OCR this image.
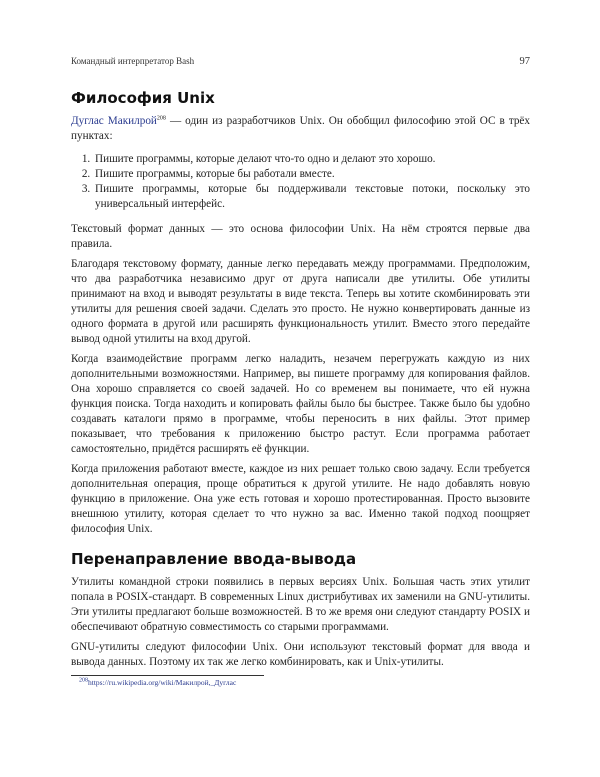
Командный интерпретатор Bash	97
Философия Unix

Дуглас Макилрой$^{208}$ — один из разработчиков Unix. Он обобщил философию этой ОС в трёх пунктах:

1. Пишите программы, которые делают что-то одно и делают это хорошо.
2. Пишите программы, которые бы работали вместе.
3. Пишите программы, которые бы поддерживали текстовые потоки, поскольку это универсальный интерфейс.

Текстовый формат данных — это основа философии Unix. На нём строятся первые два правила.

Благодаря текстовому формату, данные легко передавать между программами. Предположим, что два разработчика независимо друг от друга написали две утилиты. Обе утилиты принимают на вход и выводят результаты в виде текста. Теперь вы хотите скомбинировать эти утилиты для решения своей задачи. Сделать это просто. Не нужно конвертировать данные из одного формата в другой или расширять функциональность утилит. Вместо этого передайте вывод одной утилиты на вход другой.

Когда взаимодействие программ легко наладить, незачем перегружать каждую из них дополнительными возможностями. Например, вы пишете программу для копирования файлов. Она хорошо справляется со своей задачей. Но со временем вы понимаете, что ей нужна функция поиска. Тогда находить и копировать файлы было бы быстрее. Также было бы удобно создавать каталоги прямо в программе, чтобы переносить в них файлы. Этот пример показывает, что требования к приложению быстро растут. Если программа работает самостоятельно, придётся расширять её функции.

Когда приложения работают вместе, каждое из них решает только свою задачу. Если требуется дополнительная операция, проще обратиться к другой утилите. Не надо добавлять новую функцию в приложение. Она уже есть готовая и хорошо протестированная. Просто вызовите внешнюю утилиту, которая сделает то что нужно за вас. Именно такой подход поощряет философия Unix.

Перенаправление ввода-вывода

Утилиты командной строки появились в первых версиях Unix. Большая часть этих утилит попала в POSIX-стандарт. В современных Linux дистрибутивах их заменили на GNU-утилиты. Эти утилиты предлагают больше возможностей. В то же время они следуют стандарту POSIX и обеспечивают обратную совместимость со старыми программами.

GNU-утилиты следуют философии Unix. Они используют текстовый формат для ввода и вывода данных. Поэтому их так же легко комбинировать, как и Unix-утилиты.

$^{208}$https://ru.wikipedia.org/wiki/Макилрой,_Дуглас
